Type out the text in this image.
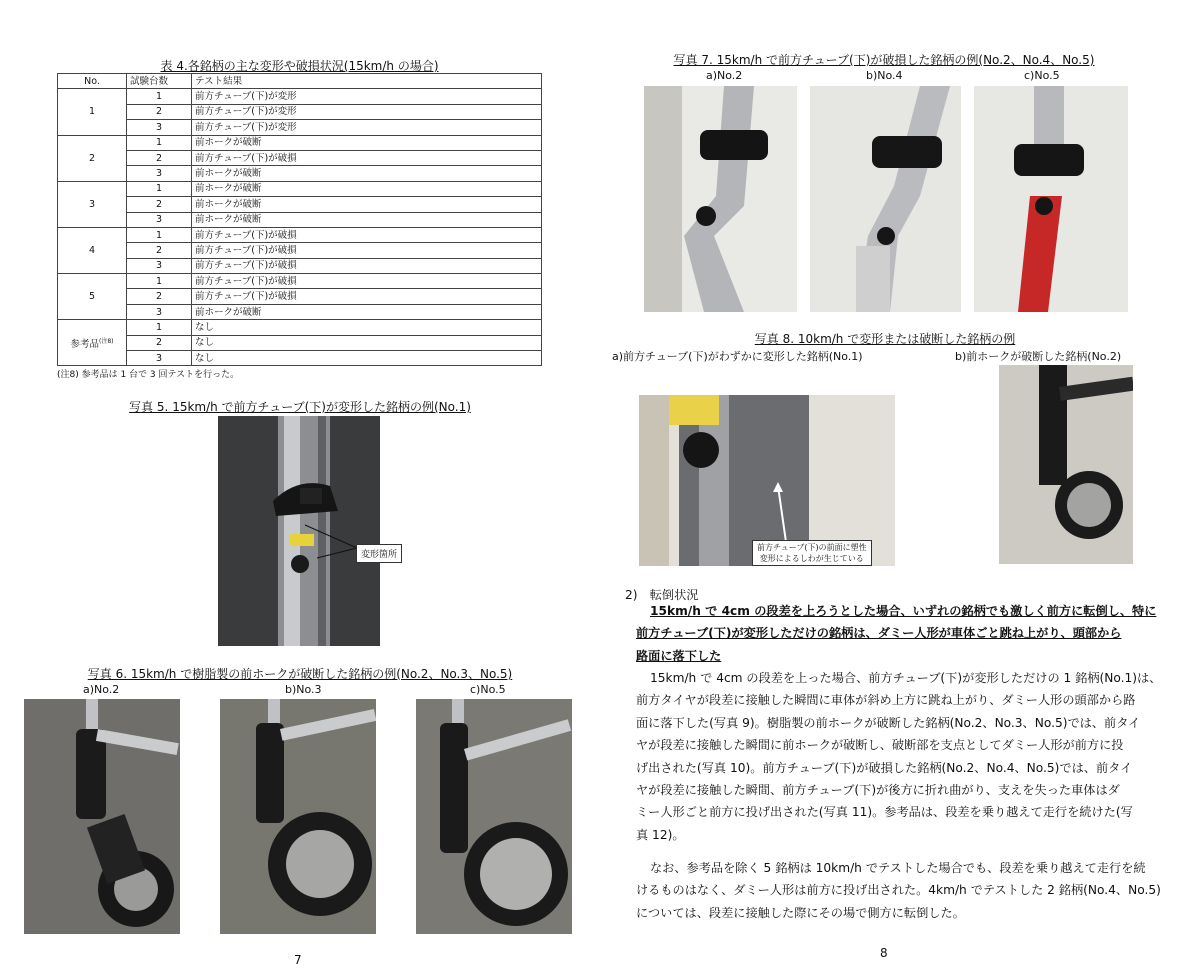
表 4.各銘柄の主な変形や破損状況(15km/h の場合)
No.	試験台数	テスト結果
1	1	前方チューブ(下)が変形
	2	前方チューブ(下)が変形
	3	前方チューブ(下)が変形
2	1	前ホークが破断
	2	前方チューブ(下)が破損
	3	前ホークが破断
3	1	前ホークが破断
	2	前ホークが破断
	3	前ホークが破断
4	1	前方チューブ(下)が破損
	2	前方チューブ(下)が破損
	3	前方チューブ(下)が破損
5	1	前方チューブ(下)が破損
	2	前方チューブ(下)が破損
	3	前ホークが破断
参考品$^{(注8)}$	1	なし
	2	なし
	3	なし
(注8) 参考品は 1 台で 3 回テストを行った。
写真 5. 15km/h で前方チューブ(下)が変形した銘柄の例(No.1)
変形箇所
写真 6. 15km/h で樹脂製の前ホークが破断した銘柄の例(No.2、No.3、No.5)
a)No.2	b)No.3	c)No.5
7
写真 7. 15km/h で前方チューブ(下)が破損した銘柄の例(No.2、No.4、No.5)
a)No.2	b)No.4	c)No.5
写真 8. 10km/h で変形または破断した銘柄の例
a)前方チューブ(下)がわずかに変形した銘柄(No.1)	b)前ホークが破断した銘柄(No.2)
前方チューブ(下)の前面に塑性
変形によるしわが生じている
2)　転倒状況
15km/h で 4cm の段差を上ろうとした場合、いずれの銘柄でも激しく前方に転倒し、特に
前方チューブ(下)が変形しただけの銘柄は、ダミー人形が車体ごと跳ね上がり、頭部から
路面に落下した
15km/h で 4cm の段差を上った場合、前方チューブ(下)が変形しただけの 1 銘柄(No.1)は、
前方タイヤが段差に接触した瞬間に車体が斜め上方に跳ね上がり、ダミー人形の頭部から路
面に落下した(写真 9)。樹脂製の前ホークが破断した銘柄(No.2、No.3、No.5)では、前タイ
ヤが段差に接触した瞬間に前ホークが破断し、破断部を支点としてダミー人形が前方に投
げ出された(写真 10)。前方チューブ(下)が破損した銘柄(No.2、No.4、No.5)では、前タイ
ヤが段差に接触した瞬間、前方チューブ(下)が後方に折れ曲がり、支えを失った車体はダ
ミー人形ごと前方に投げ出された(写真 11)。参考品は、段差を乗り越えて走行を続けた(写
真 12)。
なお、参考品を除く 5 銘柄は 10km/h でテストした場合でも、段差を乗り越えて走行を続
けるものはなく、ダミー人形は前方に投げ出された。4km/h でテストした 2 銘柄(No.4、No.5)
については、段差に接触した際にその場で側方に転倒した。
8
